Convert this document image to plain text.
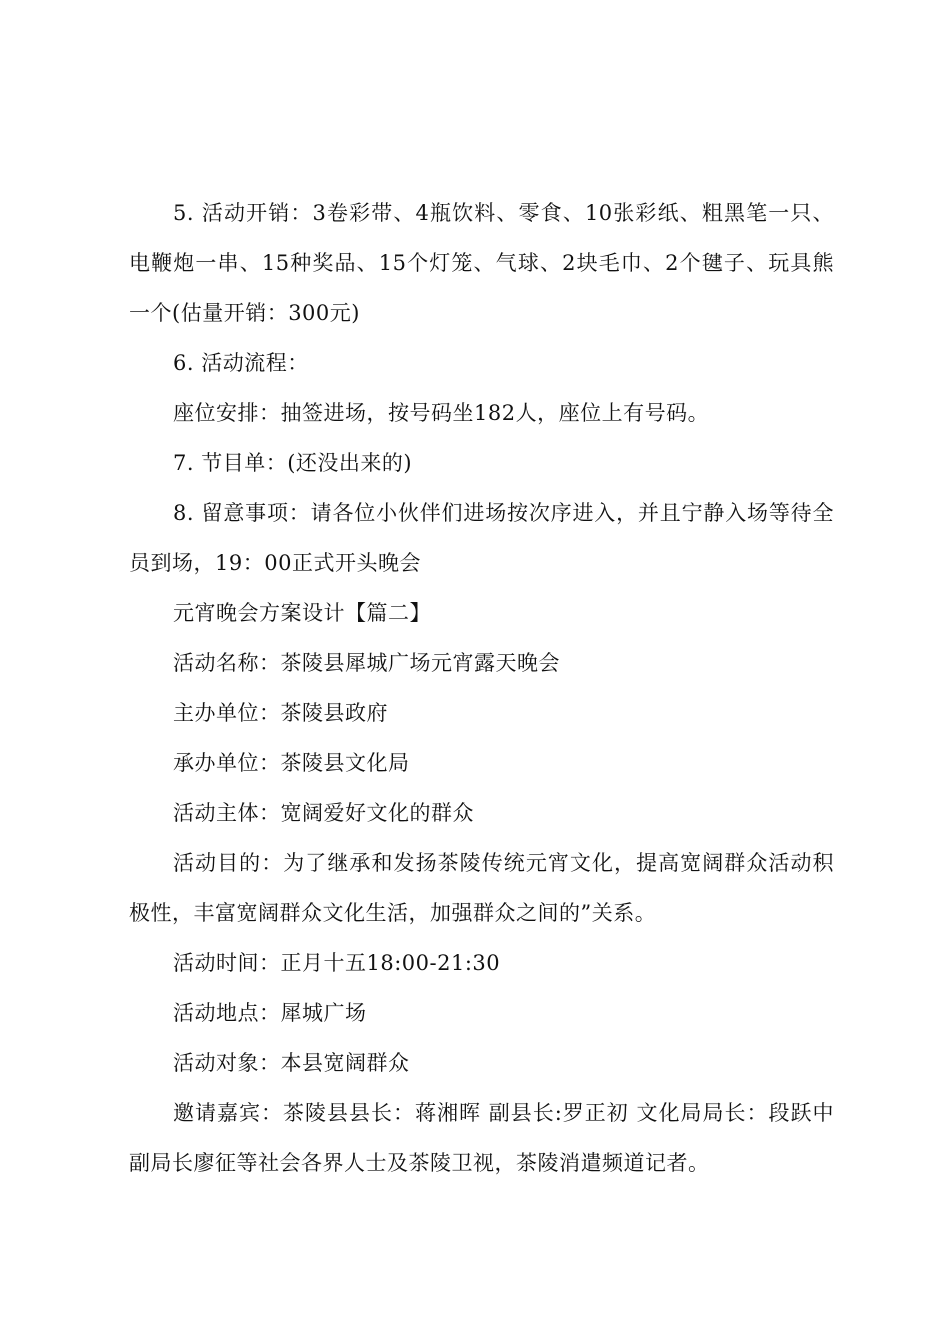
5. 活动开销：3卷彩带、4瓶饮料、零食、10张彩纸、粗黑笔一只、电鞭炮一串、15种奖品、15个灯笼、气球、2块毛巾、2个毽子、玩具熊一个(估量开销：300元)

6. 活动流程：

座位安排：抽签进场，按号码坐182人，座位上有号码。

7. 节目单：(还没出来的)

8. 留意事项：请各位小伙伴们进场按次序进入，并且宁静入场等待全员到场，19：00正式开头晚会

元宵晚会方案设计【篇二】

活动名称：茶陵县犀城广场元宵露天晚会

主办单位：茶陵县政府

承办单位：茶陵县文化局

活动主体：宽阔爱好文化的群众

活动目的：为了继承和发扬茶陵传统元宵文化，提高宽阔群众活动积极性，丰富宽阔群众文化生活，加强群众之间的”关系。

活动时间：正月十五18:00-21:30

活动地点：犀城广场

活动对象：本县宽阔群众

邀请嘉宾：茶陵县县长：蒋湘晖 副县长:罗正初 文化局局长：段跃中 副局长廖征等社会各界人士及茶陵卫视，茶陵消遣频道记者。
